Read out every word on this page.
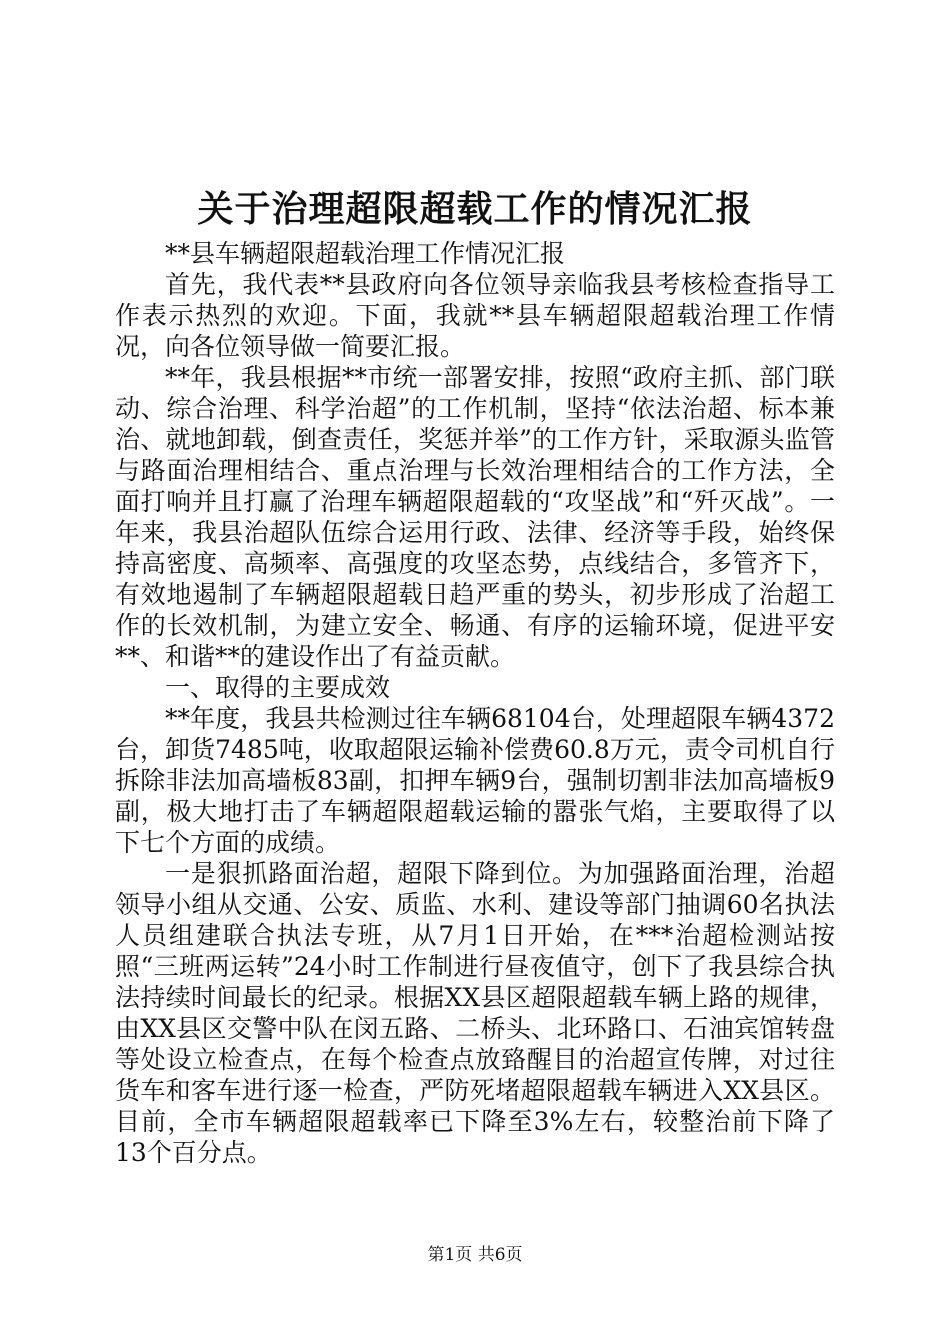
关于治理超限超载工作的情况汇报

**县车辆超限超载治理工作情况汇报

首先，我代表**县政府向各位领导亲临我县考核检查指导工作表示热烈的欢迎。下面，我就**县车辆超限超载治理工作情况，向各位领导做一简要汇报。

**年，我县根据**市统一部署安排，按照“政府主抓、部门联动、综合治理、科学治超”的工作机制，坚持“依法治超、标本兼治、就地卸载，倒查责任，奖惩并举”的工作方针，采取源头监管与路面治理相结合、重点治理与长效治理相结合的工作方法，全面打响并且打赢了治理车辆超限超载的“攻坚战”和“歼灭战”。一年来，我县治超队伍综合运用行政、法律、经济等手段，始终保持高密度、高频率、高强度的攻坚态势，点线结合，多管齐下，有效地遏制了车辆超限超载日趋严重的势头，初步形成了治超工作的长效机制，为建立安全、畅通、有序的运输环境，促进平安**、和谐**的建设作出了有益贡献。

一、取得的主要成效

**年度，我县共检测过往车辆68104台，处理超限车辆4372台，卸货7485吨，收取超限运输补偿费60.8万元，责令司机自行拆除非法加高墙板83副，扣押车辆9台，强制切割非法加高墙板9副，极大地打击了车辆超限超载运输的嚣张气焰，主要取得了以下七个方面的成绩。

一是狠抓路面治超，超限下降到位。为加强路面治理，治超领导小组从交通、公安、质监、水利、建设等部门抽调60名执法人员组建联合执法专班，从7月1日开始，在***治超检测站按照“三班两运转”24小时工作制进行昼夜值守，创下了我县综合执法持续时间最长的纪录。根据XX县区超限超载车辆上路的规律，由XX县区交警中队在闵五路、二桥头、北环路口、石油宾馆转盘等处设立检查点，在每个检查点放臵醒目的治超宣传牌，对过往货车和客车进行逐一检查，严防死堵超限超载车辆进入XX县区。目前，全市车辆超限超载率已下降至3%左右，较整治前下降了13个百分点。

第1页 共6页
